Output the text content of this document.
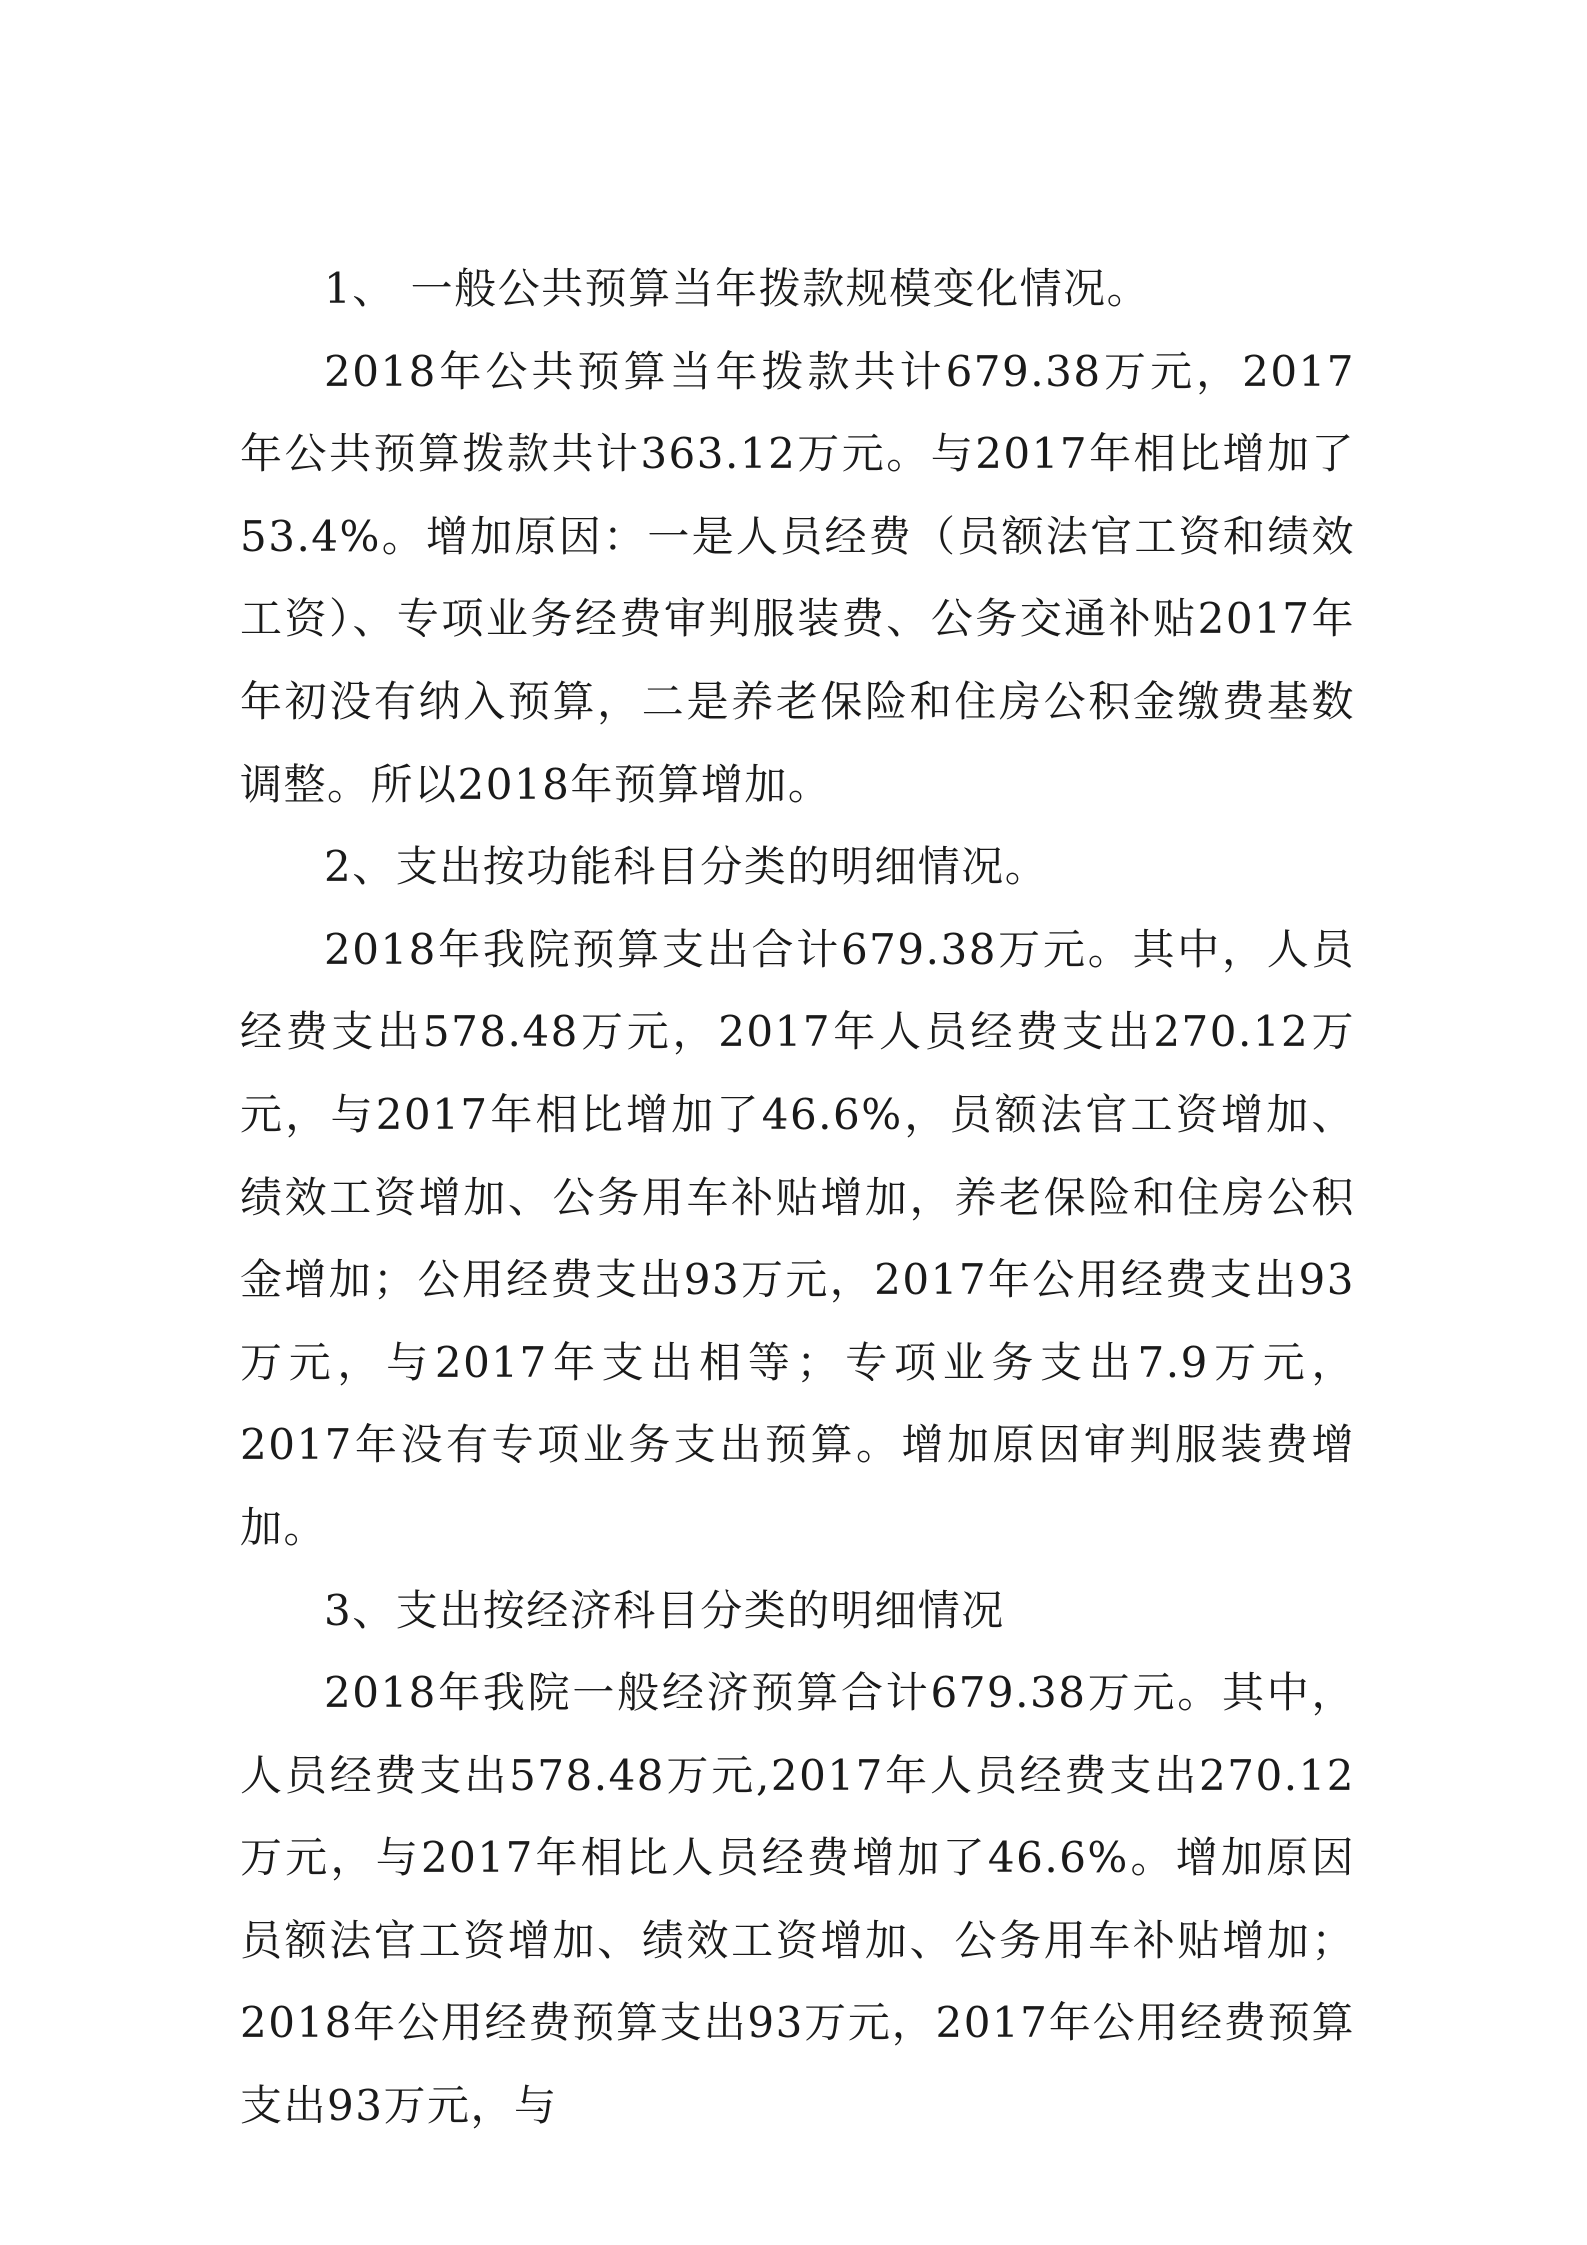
1、 一般公共预算当年拨款规模变化情况。

2018年公共预算当年拨款共计679.38万元，2017年公共预算拨款共计363.12万元。与2017年相比增加了53.4%。增加原因：一是人员经费（员额法官工资和绩效工资）、专项业务经费审判服装费、公务交通补贴2017年年初没有纳入预算，二是养老保险和住房公积金缴费基数调整。所以2018年预算增加。

2、支出按功能科目分类的明细情况。

2018年我院预算支出合计679.38万元。其中，人员经费支出578.48万元，2017年人员经费支出270.12万元，与2017年相比增加了46.6%，员额法官工资增加、绩效工资增加、公务用车补贴增加，养老保险和住房公积金增加；公用经费支出93万元，2017年公用经费支出93万元，与2017年支出相等；专项业务支出7.9万元，2017年没有专项业务支出预算。增加原因审判服装费增加。

3、支出按经济科目分类的明细情况

2018年我院一般经济预算合计679.38万元。其中，人员经费支出578.48万元,2017年人员经费支出270.12万元，与2017年相比人员经费增加了46.6%。增加原因员额法官工资增加、绩效工资增加、公务用车补贴增加；2018年公用经费预算支出93万元，2017年公用经费预算支出93万元，与
